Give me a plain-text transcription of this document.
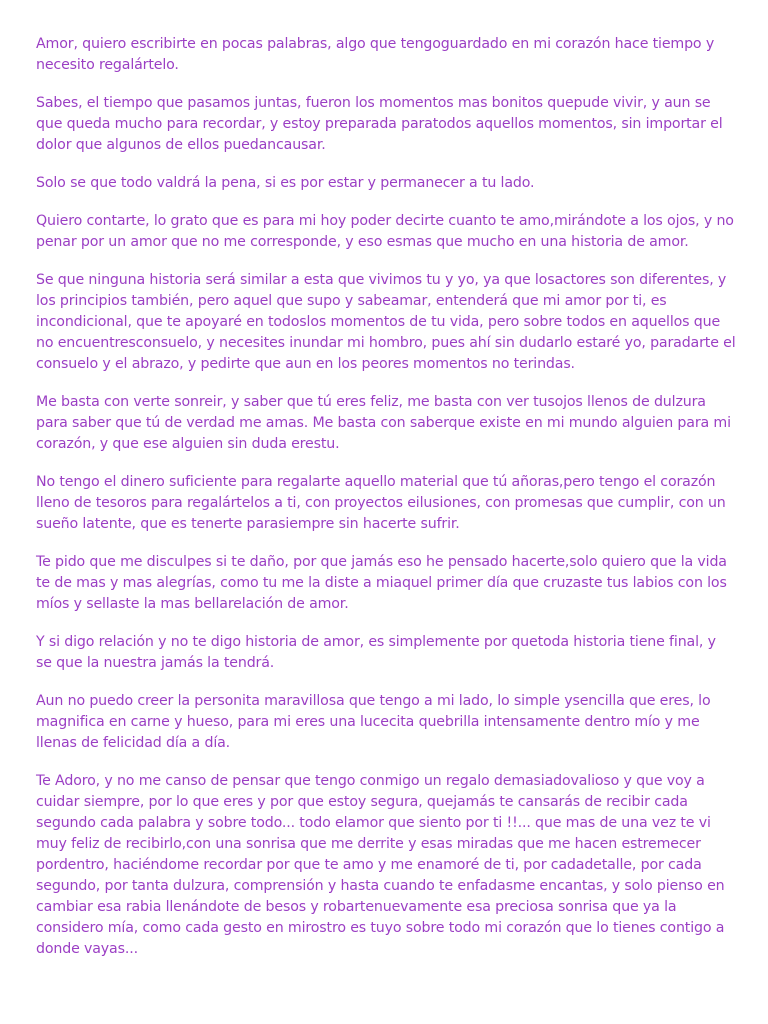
Amor, quiero escribirte en pocas palabras, algo que tengoguardado en mi corazón hace tiempo y necesito regalártelo.

Sabes, el tiempo que pasamos juntas, fueron los momentos mas bonitos quepude vivir, y aun se que queda mucho para recordar, y estoy preparada paratodos aquellos momentos, sin importar el dolor que algunos de ellos puedancausar.

Solo se que todo valdrá la pena, si es por estar y permanecer a tu lado.

Quiero contarte, lo grato que es para mi hoy poder decirte cuanto te amo,mirándote a los ojos, y no penar por un amor que no me corresponde, y eso esmas que mucho en una historia de amor.

Se que ninguna historia será similar a esta que vivimos tu y yo, ya que losactores son diferentes, y los principios también, pero aquel que supo y sabeamar, entenderá que mi amor por ti, es incondicional, que te apoyaré en todoslos momentos de tu vida, pero sobre todos en aquellos que no encuentresconsuelo, y necesites inundar mi hombro, pues ahí sin dudarlo estaré yo, paradarte el consuelo y el abrazo, y pedirte que aun en los peores momentos no terindas.

Me basta con verte sonreir, y saber que tú eres feliz, me basta con ver tusojos llenos de dulzura para saber que tú de verdad me amas. Me basta con saberque existe en mi mundo alguien para mi corazón, y que ese alguien sin duda erestu.

No tengo el dinero suficiente para regalarte aquello material que tú añoras,pero tengo el corazón lleno de tesoros para regalártelos a ti, con proyectos eilusiones, con promesas que cumplir, con un sueño latente, que es tenerte parasiempre sin hacerte sufrir.

Te pido que me disculpes si te daño, por que jamás eso he pensado hacerte,solo quiero que la vida te de mas y mas alegrías, como tu me la diste a miaquel primer día que cruzaste tus labios con los míos y sellaste la mas bellarelación de amor.

Y si digo relación y no te digo historia de amor, es simplemente por quetoda historia tiene final, y se que la nuestra jamás la tendrá.

Aun no puedo creer la personita maravillosa que tengo a mi lado, lo simple ysencilla que eres, lo magnifica en carne y hueso, para mi eres una lucecita quebrilla intensamente dentro mío y me llenas de felicidad día a día.

Te Adoro, y no me canso de pensar que tengo conmigo un regalo demasiadovalioso y que voy a cuidar siempre, por lo que eres y por que estoy segura, quejamás te cansarás de recibir cada segundo cada palabra y sobre todo... todo elamor que siento por ti !!... que mas de una vez te vi muy feliz de recibirlo,con una sonrisa que me derrite y esas miradas que me hacen estremecer pordentro, haciéndome recordar por que te amo y me enamoré de ti, por cadadetalle, por cada segundo, por tanta dulzura, comprensión y hasta cuando te enfadasme encantas, y solo pienso en cambiar esa rabia llenándote de besos y robartenuevamente esa preciosa sonrisa que ya la considero mía, como cada gesto en mirostro es tuyo sobre todo mi corazón que lo tienes contigo a donde vayas...
